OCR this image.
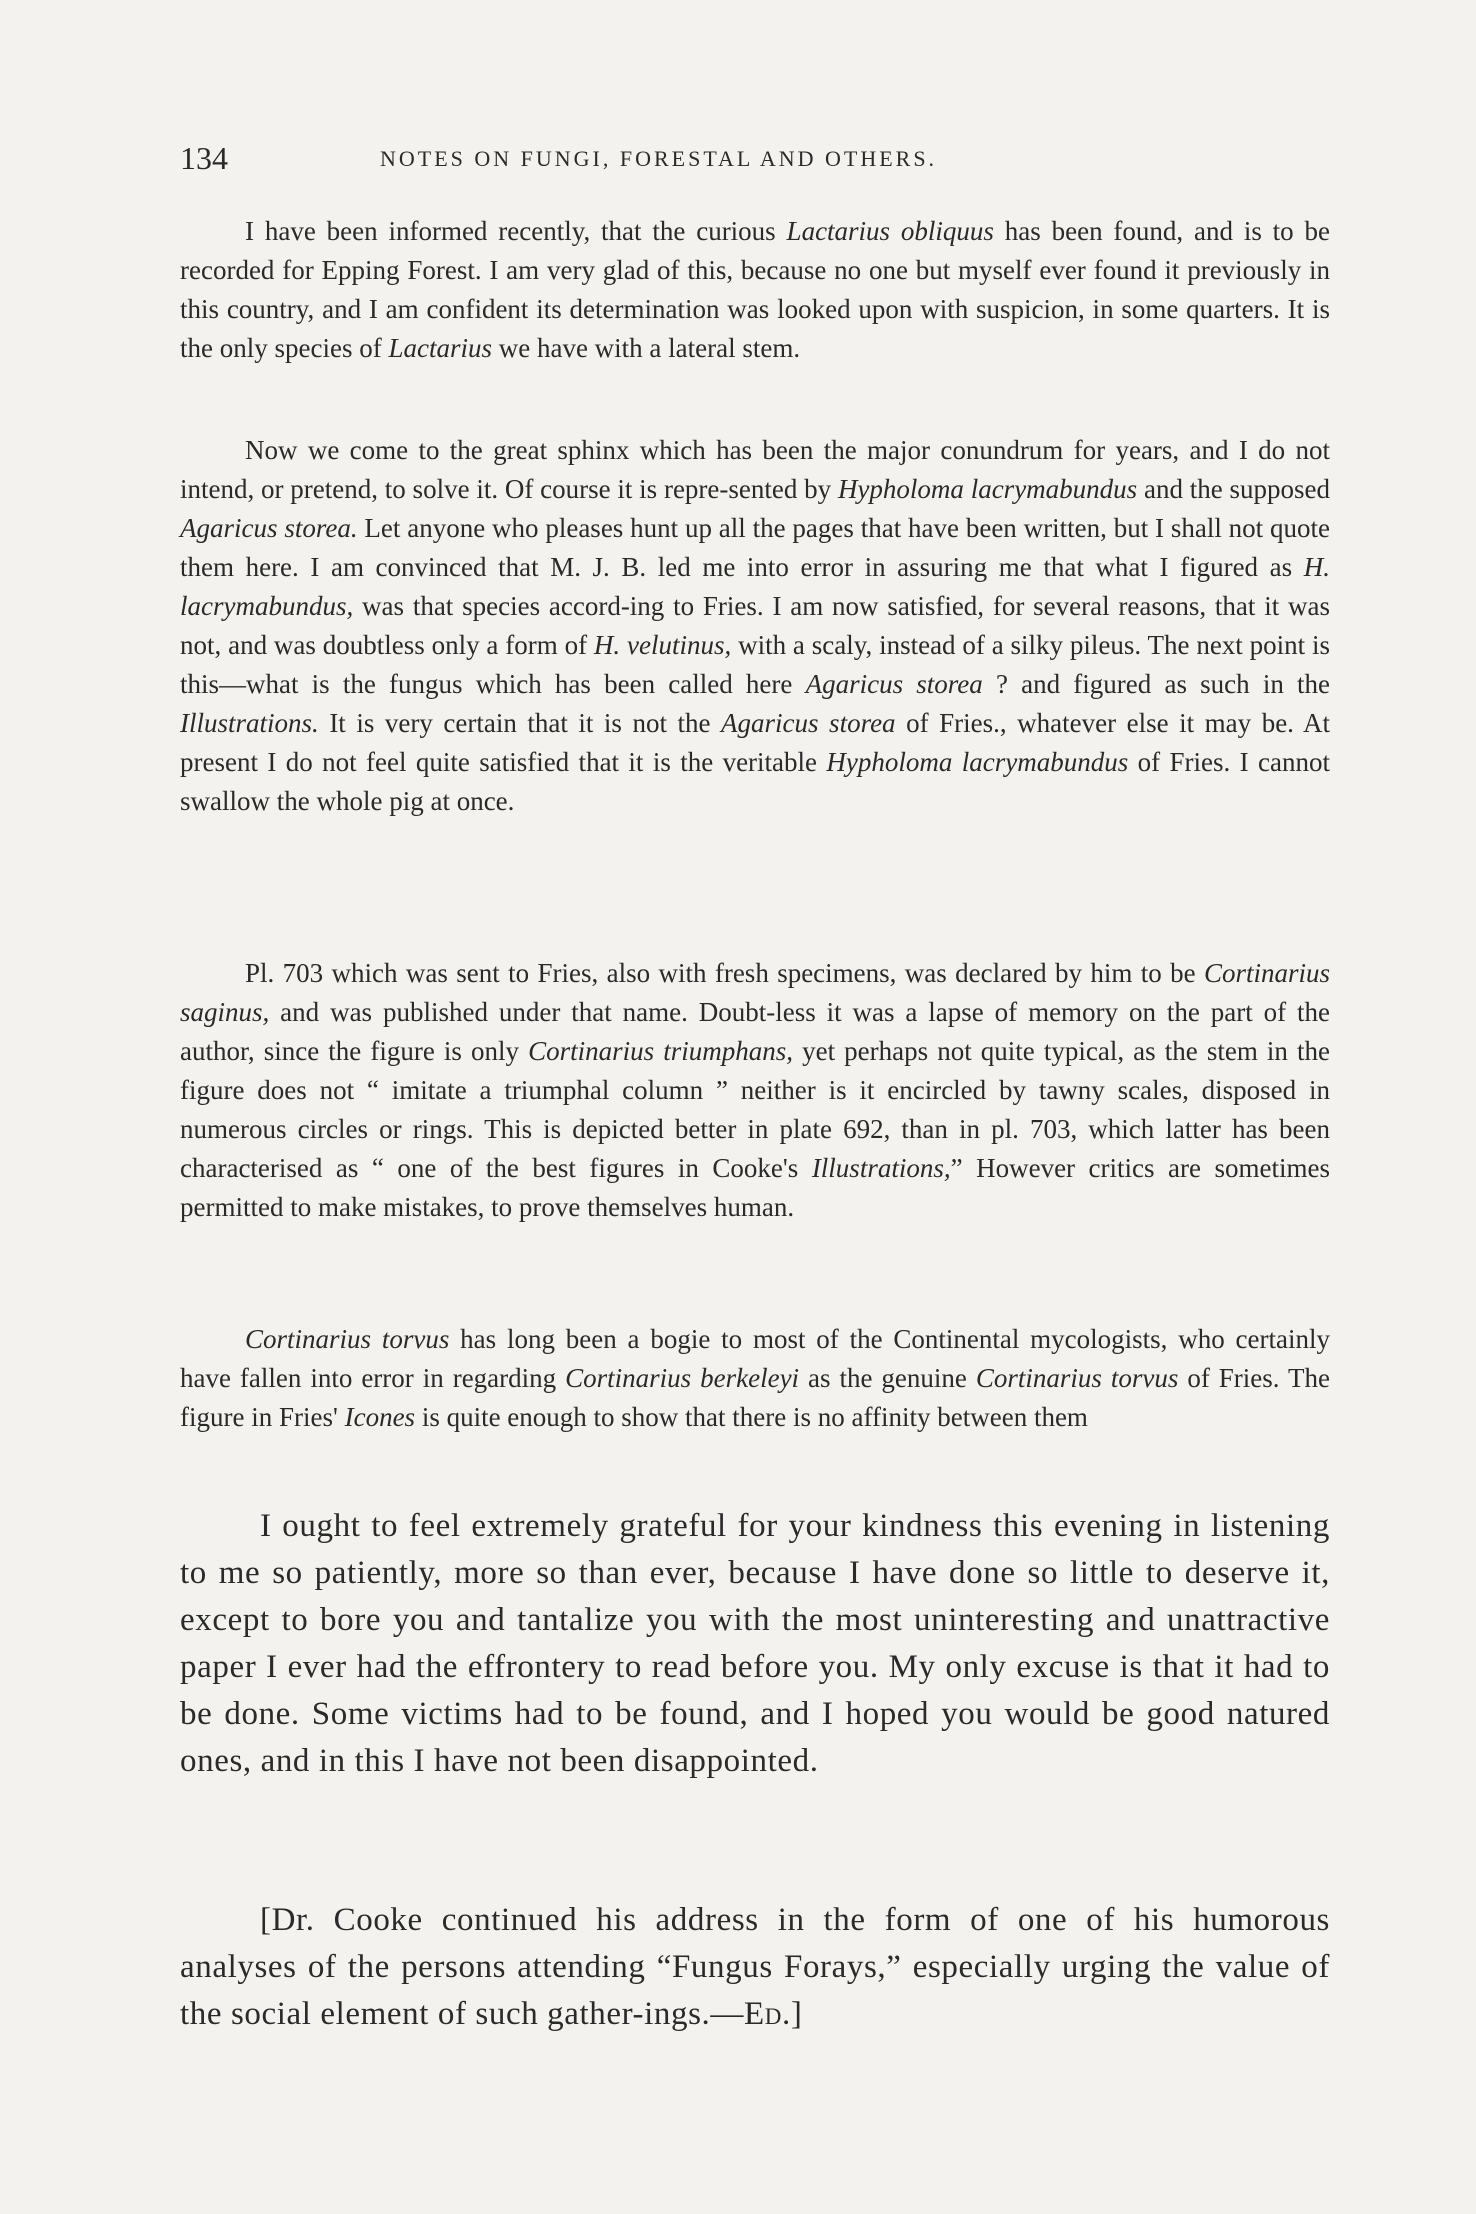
134	NOTES ON FUNGI, FORESTAL AND OTHERS.

I have been informed recently, that the curious Lactarius obliquus has been found, and is to be recorded for Epping Forest. I am very glad of this, because no one but myself ever found it previously in this country, and I am confident its determination was looked upon with suspicion, in some quarters. It is the only species of Lactarius we have with a lateral stem.

Now we come to the great sphinx which has been the major conundrum for years, and I do not intend, or pretend, to solve it. Of course it is repre-sented by Hypholoma lacrymabundus and the supposed Agaricus storea. Let anyone who pleases hunt up all the pages that have been written, but I shall not quote them here. I am convinced that M. J. B. led me into error in assuring me that what I figured as H. lacrymabundus, was that species accord-ing to Fries. I am now satisfied, for several reasons, that it was not, and was doubtless only a form of H. velutinus, with a scaly, instead of a silky pileus. The next point is this—what is the fungus which has been called here Agaricus storea ? and figured as such in the Illustrations. It is very certain that it is not the Agaricus storea of Fries., whatever else it may be. At present I do not feel quite satisfied that it is the veritable Hypholoma lacrymabundus of Fries. I cannot swallow the whole pig at once.

Pl. 703 which was sent to Fries, also with fresh specimens, was declared by him to be Cortinarius saginus, and was published under that name. Doubt-less it was a lapse of memory on the part of the author, since the figure is only Cortinarius triumphans, yet perhaps not quite typical, as the stem in the figure does not “ imitate a triumphal column ” neither is it encircled by tawny scales, disposed in numerous circles or rings. This is depicted better in plate 692, than in pl. 703, which latter has been characterised as “ one of the best figures in Cooke's Illustrations,” However critics are sometimes permitted to make mistakes, to prove themselves human.

Cortinarius torvus has long been a bogie to most of the Continental mycologists, who certainly have fallen into error in regarding Cortinarius berkeleyi as the genuine Cortinarius torvus of Fries. The figure in Fries' Icones is quite enough to show that there is no affinity between them

I ought to feel extremely grateful for your kindness this evening in listening to me so patiently, more so than ever, because I have done so little to deserve it, except to bore you and tantalize you with the most uninteresting and unattractive paper I ever had the effrontery to read before you. My only excuse is that it had to be done. Some victims had to be found, and I hoped you would be good natured ones, and in this I have not been disappointed.

[Dr. Cooke continued his address in the form of one of his humorous analyses of the persons attending “Fungus Forays,” especially urging the value of the social element of such gather-ings.—Ed.]
